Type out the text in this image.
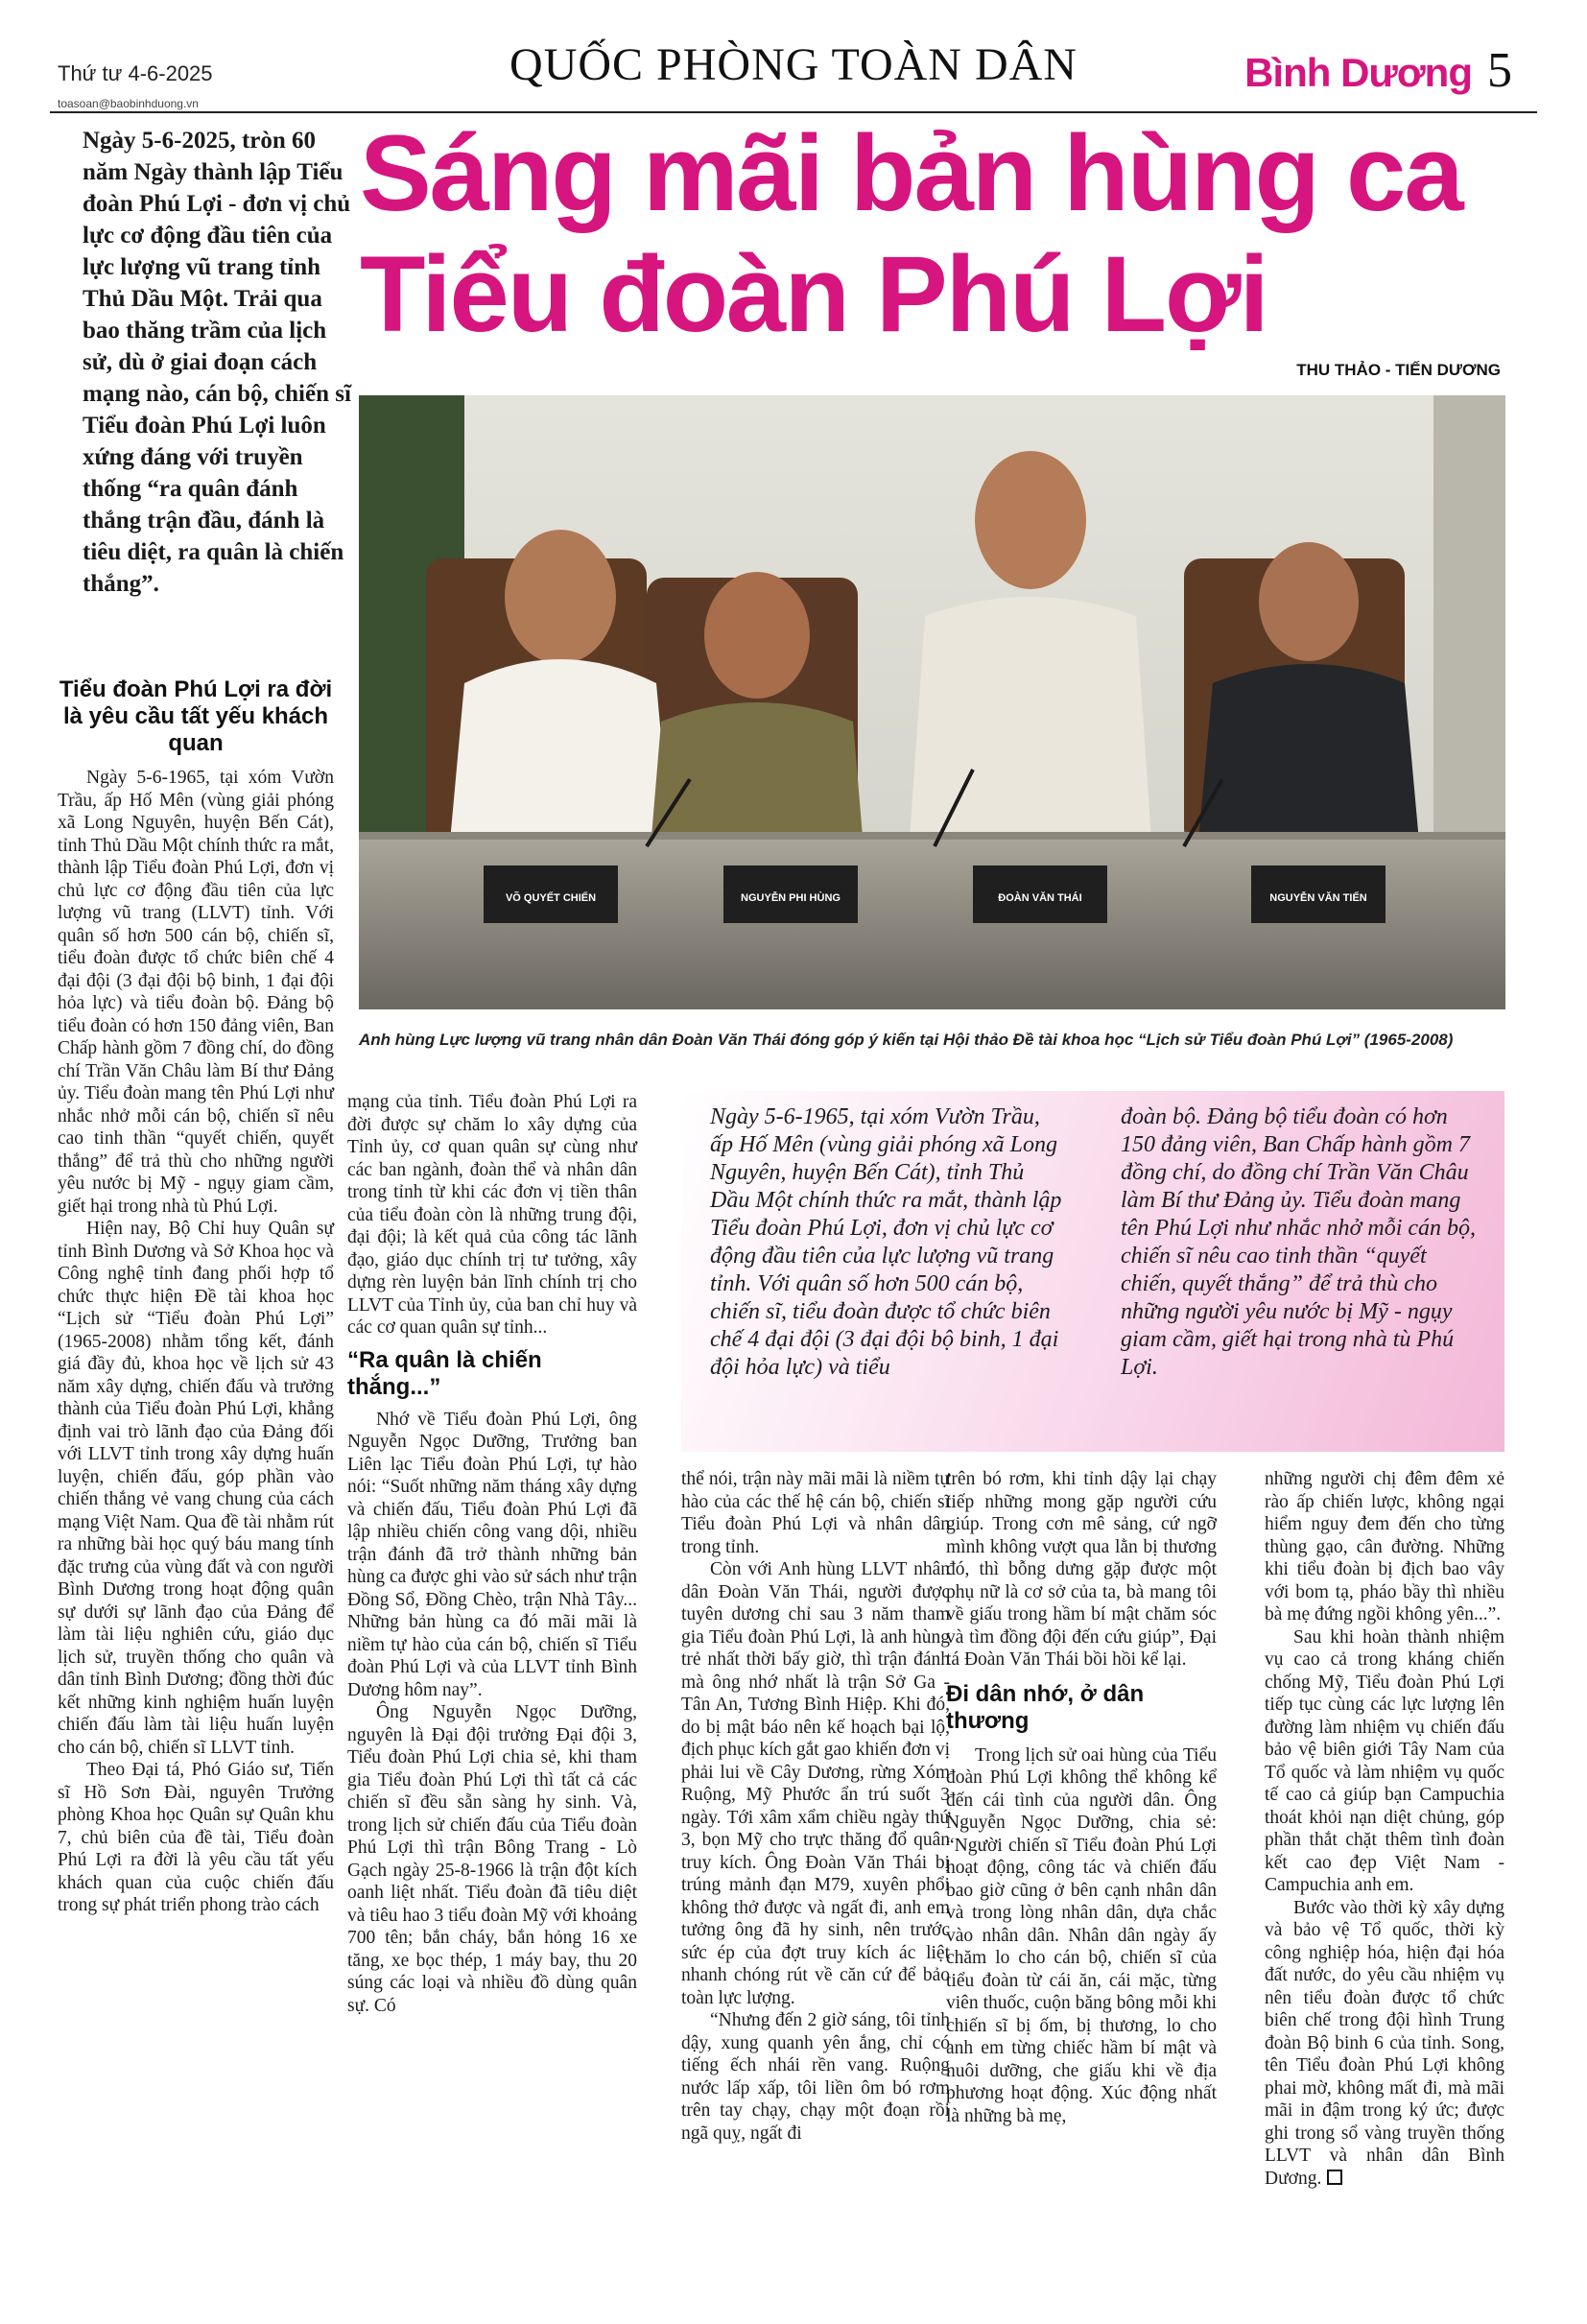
Thứ tư 4-6-2025
toasoan@baobinhduong.vn
QUỐC PHÒNG TOÀN DÂN	Bình Dương 5
Ngày 5-6-2025, tròn 60 năm Ngày thành lập Tiểu đoàn Phú Lợi - đơn vị chủ lực cơ động đầu tiên của lực lượng vũ trang tỉnh Thủ Dầu Một. Trải qua bao thăng trầm của lịch sử, dù ở giai đoạn cách mạng nào, cán bộ, chiến sĩ Tiểu đoàn Phú Lợi luôn xứng đáng với truyền thống “ra quân đánh thắng trận đầu, đánh là tiêu diệt, ra quân là chiến thắng”.
Sáng mãi bản hùng ca
Tiểu đoàn Phú Lợi
THU THẢO - TIẾN DƯƠNG
VÕ QUYẾT CHIẾN	NGUYỄN PHI HÙNG	ĐOÀN VĂN THÁI	NGUYỄN VĂN TIẾN
Anh hùng Lực lượng vũ trang nhân dân Đoàn Văn Thái đóng góp ý kiến tại Hội thảo Đề tài khoa học “Lịch sử Tiểu đoàn Phú Lợi” (1965-2008)
Tiểu đoàn Phú Lợi ra đời là yêu cầu tất yếu khách quan

Ngày 5-6-1965, tại xóm Vườn Trầu, ấp Hố Mên (vùng giải phóng xã Long Nguyên, huyện Bến Cát), tỉnh Thủ Dầu Một chính thức ra mắt, thành lập Tiểu đoàn Phú Lợi, đơn vị chủ lực cơ động đầu tiên của lực lượng vũ trang (LLVT) tỉnh. Với quân số hơn 500 cán bộ, chiến sĩ, tiểu đoàn được tổ chức biên chế 4 đại đội (3 đại đội bộ binh, 1 đại đội hỏa lực) và tiểu đoàn bộ. Đảng bộ tiểu đoàn có hơn 150 đảng viên, Ban Chấp hành gồm 7 đồng chí, do đồng chí Trần Văn Châu làm Bí thư Đảng ủy. Tiểu đoàn mang tên Phú Lợi như nhắc nhở mỗi cán bộ, chiến sĩ nêu cao tinh thần “quyết chiến, quyết thắng” để trả thù cho những người yêu nước bị Mỹ - ngụy giam cầm, giết hại trong nhà tù Phú Lợi.

Hiện nay, Bộ Chỉ huy Quân sự tỉnh Bình Dương và Sở Khoa học và Công nghệ tỉnh đang phối hợp tổ chức thực hiện Đề tài khoa học “Lịch sử “Tiểu đoàn Phú Lợi” (1965-2008) nhằm tổng kết, đánh giá đầy đủ, khoa học về lịch sử 43 năm xây dựng, chiến đấu và trưởng thành của Tiểu đoàn Phú Lợi, khẳng định vai trò lãnh đạo của Đảng đối với LLVT tỉnh trong xây dựng huấn luyện, chiến đấu, góp phần vào chiến thắng vẻ vang chung của cách mạng Việt Nam. Qua đề tài nhằm rút ra những bài học quý báu mang tính đặc trưng của vùng đất và con người Bình Dương trong hoạt động quân sự dưới sự lãnh đạo của Đảng để làm tài liệu nghiên cứu, giáo dục lịch sử, truyền thống cho quân và dân tỉnh Bình Dương; đồng thời đúc kết những kinh nghiệm huấn luyện chiến đấu làm tài liệu huấn luyện cho cán bộ, chiến sĩ LLVT tỉnh.

Theo Đại tá, Phó Giáo sư, Tiến sĩ Hồ Sơn Đài, nguyên Trưởng phòng Khoa học Quân sự Quân khu 7, chủ biên của đề tài, Tiểu đoàn Phú Lợi ra đời là yêu cầu tất yếu khách quan của cuộc chiến đấu trong sự phát triển phong trào cách

mạng của tỉnh. Tiểu đoàn Phú Lợi ra đời được sự chăm lo xây dựng của Tỉnh ủy, cơ quan quân sự cùng như các ban ngành, đoàn thể và nhân dân trong tỉnh từ khi các đơn vị tiền thân của tiểu đoàn còn là những trung đội, đại đội; là kết quả của công tác lãnh đạo, giáo dục chính trị tư tưởng, xây dựng rèn luyện bản lĩnh chính trị cho LLVT của Tỉnh ủy, của ban chỉ huy và các cơ quan quân sự tỉnh...

“Ra quân là chiến thắng...”

Nhớ về Tiểu đoàn Phú Lợi, ông Nguyễn Ngọc Dưỡng, Trưởng ban Liên lạc Tiểu đoàn Phú Lợi, tự hào nói: “Suốt những năm tháng xây dựng và chiến đấu, Tiểu đoàn Phú Lợi đã lập nhiều chiến công vang dội, nhiều trận đánh đã trở thành những bản hùng ca được ghi vào sử sách như trận Đồng Sổ, Đồng Chèo, trận Nhà Tây... Những bản hùng ca đó mãi mãi là niềm tự hào của cán bộ, chiến sĩ Tiểu đoàn Phú Lợi và của LLVT tỉnh Bình Dương hôm nay”.

Ông Nguyễn Ngọc Dưỡng, nguyên là Đại đội trưởng Đại đội 3, Tiểu đoàn Phú Lợi chia sẻ, khi tham gia Tiểu đoàn Phú Lợi thì tất cả các chiến sĩ đều sẵn sàng hy sinh. Và, trong lịch sử chiến đấu của Tiểu đoàn Phú Lợi thì trận Bông Trang - Lò Gạch ngày 25-8-1966 là trận đột kích oanh liệt nhất. Tiểu đoàn đã tiêu diệt và tiêu hao 3 tiểu đoàn Mỹ với khoảng 700 tên; bắn cháy, bắn hỏng 16 xe tăng, xe bọc thép, 1 máy bay, thu 20 súng các loại và nhiều đồ dùng quân sự. Có

Ngày 5-6-1965, tại xóm Vườn Trầu, ấp Hố Mên (vùng giải phóng xã Long Nguyên, huyện Bến Cát), tỉnh Thủ Dầu Một chính thức ra mắt, thành lập Tiểu đoàn Phú Lợi, đơn vị chủ lực cơ động đầu tiên của lực lượng vũ trang tỉnh. Với quân số hơn 500 cán bộ, chiến sĩ, tiểu đoàn được tổ chức biên chế 4 đại đội (3 đại đội bộ binh, 1 đại đội hỏa lực) và tiểu

đoàn bộ. Đảng bộ tiểu đoàn có hơn 150 đảng viên, Ban Chấp hành gồm 7 đồng chí, do đồng chí Trần Văn Châu làm Bí thư Đảng ủy. Tiểu đoàn mang tên Phú Lợi như nhắc nhở mỗi cán bộ, chiến sĩ nêu cao tinh thần “quyết chiến, quyết thắng” để trả thù cho những người yêu nước bị Mỹ - ngụy giam cầm, giết hại trong nhà tù Phú Lợi.

thể nói, trận này mãi mãi là niềm tự hào của các thế hệ cán bộ, chiến sĩ Tiểu đoàn Phú Lợi và nhân dân trong tỉnh.

Còn với Anh hùng LLVT nhân dân Đoàn Văn Thái, người được tuyên dương chỉ sau 3 năm tham gia Tiểu đoàn Phú Lợi, là anh hùng trẻ nhất thời bấy giờ, thì trận đánh mà ông nhớ nhất là trận Sở Ga - Tân An, Tương Bình Hiệp. Khi đó, do bị mật báo nên kế hoạch bại lộ, địch phục kích gắt gao khiến đơn vị phải lui về Cây Dương, rừng Xóm Ruộng, Mỹ Phước ẩn trú suốt 3 ngày. Tới xâm xẩm chiều ngày thứ 3, bọn Mỹ cho trực thăng đổ quân truy kích. Ông Đoàn Văn Thái bị trúng mảnh đạn M79, xuyên phổi không thở được và ngất đi, anh em tưởng ông đã hy sinh, nên trước sức ép của đợt truy kích ác liệt nhanh chóng rút về căn cứ để bảo toàn lực lượng.

“Nhưng đến 2 giờ sáng, tôi tỉnh dậy, xung quanh yên ắng, chỉ có tiếng ếch nhái rền vang. Ruộng nước lấp xấp, tôi liền ôm bó rơm trên tay chạy, chạy một đoạn rồi ngã quỵ, ngất đi

trên bó rơm, khi tỉnh dậy lại chạy tiếp những mong gặp người cứu giúp. Trong cơn mê sảng, cứ ngỡ mình không vượt qua lằn bị thương đó, thì bỗng dưng gặp được một phụ nữ là cơ sở của ta, bà mang tôi về giấu trong hầm bí mật chăm sóc và tìm đồng đội đến cứu giúp”, Đại tá Đoàn Văn Thái bồi hồi kể lại.

Đi dân nhớ, ở dân thương

Trong lịch sử oai hùng của Tiểu đoàn Phú Lợi không thể không kể đến cái tình của người dân. Ông Nguyễn Ngọc Dưỡng, chia sẻ: “Người chiến sĩ Tiểu đoàn Phú Lợi hoạt động, công tác và chiến đấu bao giờ cũng ở bên cạnh nhân dân và trong lòng nhân dân, dựa chắc vào nhân dân. Nhân dân ngày ấy chăm lo cho cán bộ, chiến sĩ của tiểu đoàn từ cái ăn, cái mặc, từng viên thuốc, cuộn băng bông mỗi khi chiến sĩ bị ốm, bị thương, lo cho anh em từng chiếc hầm bí mật và nuôi dưỡng, che giấu khi về địa phương hoạt động. Xúc động nhất là những bà mẹ,

những người chị đêm đêm xẻ rào ấp chiến lược, không ngại hiểm nguy đem đến cho từng thùng gạo, cân đường. Những khi tiểu đoàn bị địch bao vây với bom tạ, pháo bầy thì nhiều bà mẹ đứng ngồi không yên...”.

Sau khi hoàn thành nhiệm vụ cao cả trong kháng chiến chống Mỹ, Tiểu đoàn Phú Lợi tiếp tục cùng các lực lượng lên đường làm nhiệm vụ chiến đấu bảo vệ biên giới Tây Nam của Tổ quốc và làm nhiệm vụ quốc tế cao cả giúp bạn Campuchia thoát khỏi nạn diệt chủng, góp phần thắt chặt thêm tình đoàn kết cao đẹp Việt Nam - Campuchia anh em.

Bước vào thời kỳ xây dựng và bảo vệ Tổ quốc, thời kỳ công nghiệp hóa, hiện đại hóa đất nước, do yêu cầu nhiệm vụ nên tiểu đoàn được tổ chức biên chế trong đội hình Trung đoàn Bộ binh 6 của tỉnh. Song, tên Tiểu đoàn Phú Lợi không phai mờ, không mất đi, mà mãi mãi in đậm trong ký ức; được ghi trong sổ vàng truyền thống LLVT và nhân dân Bình Dương.
